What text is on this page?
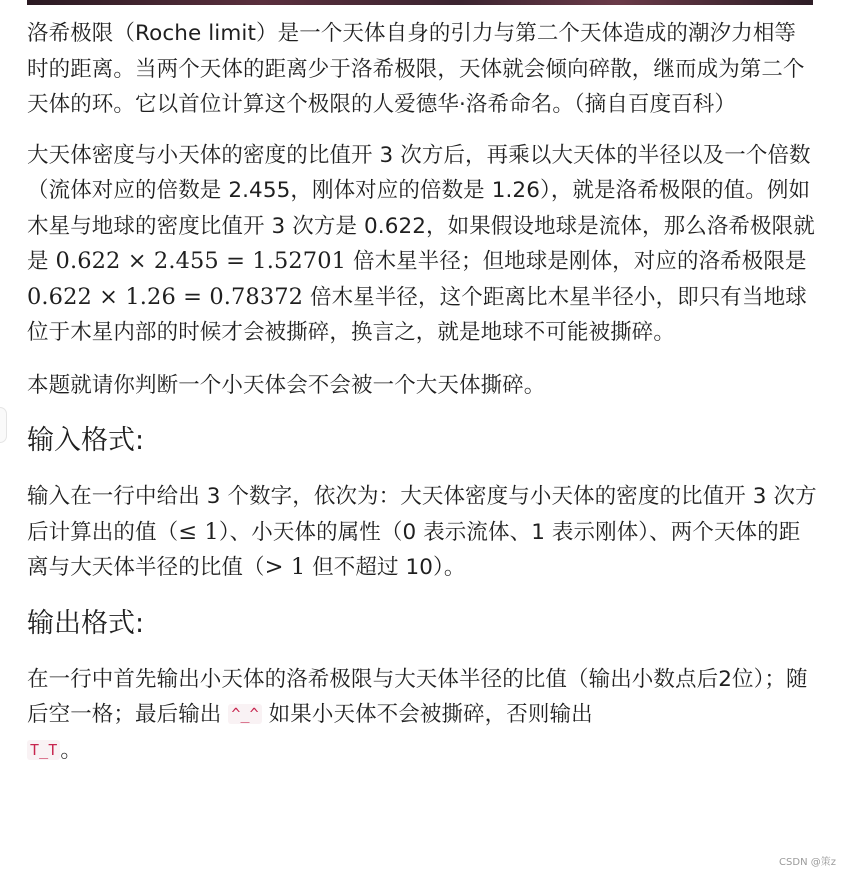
洛希极限（Roche limit）是一个天体自身的引力与第二个天体造成的潮汐力相等时的距离。当两个天体的距离少于洛希极限，天体就会倾向碎散，继而成为第二个天体的环。它以首位计算这个极限的人爱德华·洛希命名。（摘自百度百科）

大天体密度与小天体的密度的比值开 3 次方后，再乘以大天体的半径以及一个倍数（流体对应的倍数是 2.455，刚体对应的倍数是 1.26），就是洛希极限的值。例如木星与地球的密度比值开 3 次方是 0.622，如果假设地球是流体，那么洛希极限就是 0.622 × 2.455 = 1.52701 倍木星半径；但地球是刚体，对应的洛希极限是 0.622 × 1.26 = 0.78372 倍木星半径，这个距离比木星半径小，即只有当地球位于木星内部的时候才会被撕碎，换言之，就是地球不可能被撕碎。

本题就请你判断一个小天体会不会被一个大天体撕碎。

输入格式:

输入在一行中给出 3 个数字，依次为：大天体密度与小天体的密度的比值开 3 次方后计算出的值（≤ 1）、小天体的属性（0 表示流体、1 表示刚体）、两个天体的距离与大天体半径的比值（> 1 但不超过 10）。

输出格式:

在一行中首先输出小天体的洛希极限与大天体半径的比值（输出小数点后2位）；随后空一格；最后输出 ^_^ 如果小天体不会被撕碎，否则输出
T_T 。

CSDN @策z
